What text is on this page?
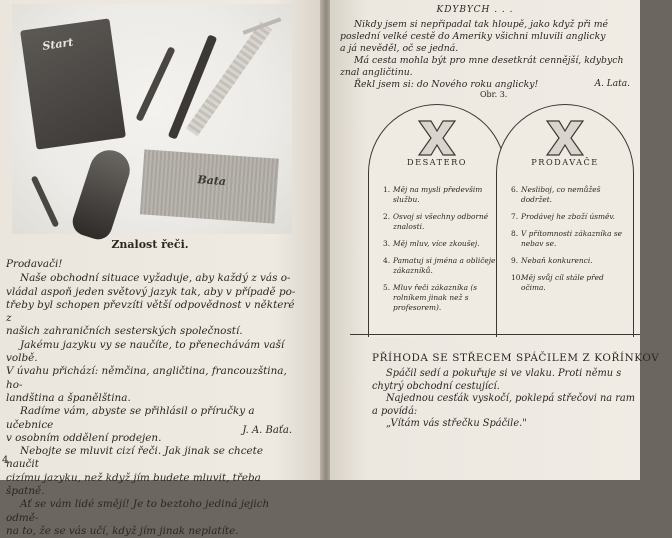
Start
Bata
Znalost řeči.

Prodavači!

Naše obchodní situace vyžaduje, aby každý z vás o-

vládal aspoň jeden světový jazyk tak, aby v případě po-

třeby byl schopen převzíti větší odpovědnost v některé z

našich zahraničních sesterských společností.

Jakému jazyku vy se naučíte, to přenechávám vaší volbě.

V úvahu přichází: němčina, angličtina, francouzština, ho-

landština a španělština.

Radíme vám, abyste se přihlásil o příručky a učebnice

v osobním oddělení prodejen.

Nebojte se mluvit cizí řeči. Jak jinak se chcete naučit

cizímu jazyku, než když jím budete mluvit, třeba špatně.

Ať se vám lidé smějí! Je to beztoho jediná jejich odmě-

na to, že se vás učí, když jím jinak neplatíte.

J. A. Baťa.
4
KDYBYCH . . .

Nikdy jsem si nepřipadal tak hloupě, jako když při mé

poslední velké cestě do Ameriky všichni mluvili anglicky

a já nevěděl, oč se jedná.

Má cesta mohla být pro mne desetkrát cennější, kdybych

znal angličtinu.

Řekl jsem si: do Nového roku anglicky!	A. Lata.
Obr. 3.
DESATERO
1. Měj na mysli předevšim službu.
2. Osvoj si všechny odborné znalosti.
3. Měj mluv, více zkoušej.
4. Pamatuj si jména a obličeje zákazníků.
5. Mluv řeči zákazníka (s rolníkem jinak než s profesorem).
PRODAVAČE
6. Nesliboj, co nemůžeš dodržet.
7. Prodávej he zboží úsměv.
8. V přítomnosti zákazníka se nebav se.
9. Nebaň konkurenci.
10.
Měj svůj cíl stále před očima.
PŘÍHODA SE STŘECEM SPÁČILEM Z KOŘÍNKOV

Spáčil sedí a pokuřuje si ve vlaku. Proti němu s

chytrý obchodní cestující.

Najednou cesťák vyskočí, poklepá střečovi na ram

a povídá:

„Vítám vás střečku Spáčile."
